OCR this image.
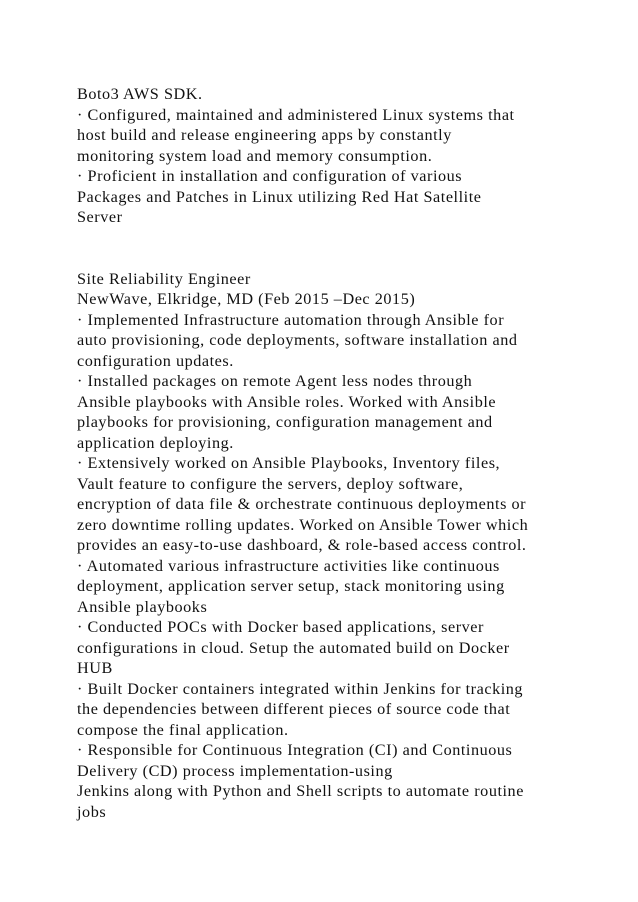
Boto3 AWS SDK.
· Configured, maintained and administered Linux systems that
host build and release engineering apps by constantly
monitoring system load and memory consumption.
· Proficient in installation and configuration of various
Packages and Patches in Linux utilizing Red Hat Satellite
Server
Site Reliability Engineer
NewWave, Elkridge, MD (Feb 2015 –Dec 2015)
· Implemented Infrastructure automation through Ansible for
auto provisioning, code deployments, software installation and
configuration updates.
· Installed packages on remote Agent less nodes through
Ansible playbooks with Ansible roles. Worked with Ansible
playbooks for provisioning, configuration management and
application deploying.
· Extensively worked on Ansible Playbooks, Inventory files,
Vault feature to configure the servers, deploy software,
encryption of data file & orchestrate continuous deployments or
zero downtime rolling updates. Worked on Ansible Tower which
provides an easy-to-use dashboard, & role-based access control.
· Automated various infrastructure activities like continuous
deployment, application server setup, stack monitoring using
Ansible playbooks
· Conducted POCs with Docker based applications, server
configurations in cloud. Setup the automated build on Docker
HUB
· Built Docker containers integrated within Jenkins for tracking
the dependencies between different pieces of source code that
compose the final application.
· Responsible for Continuous Integration (CI) and Continuous
Delivery (CD) process implementation-using
Jenkins along with Python and Shell scripts to automate routine
jobs
